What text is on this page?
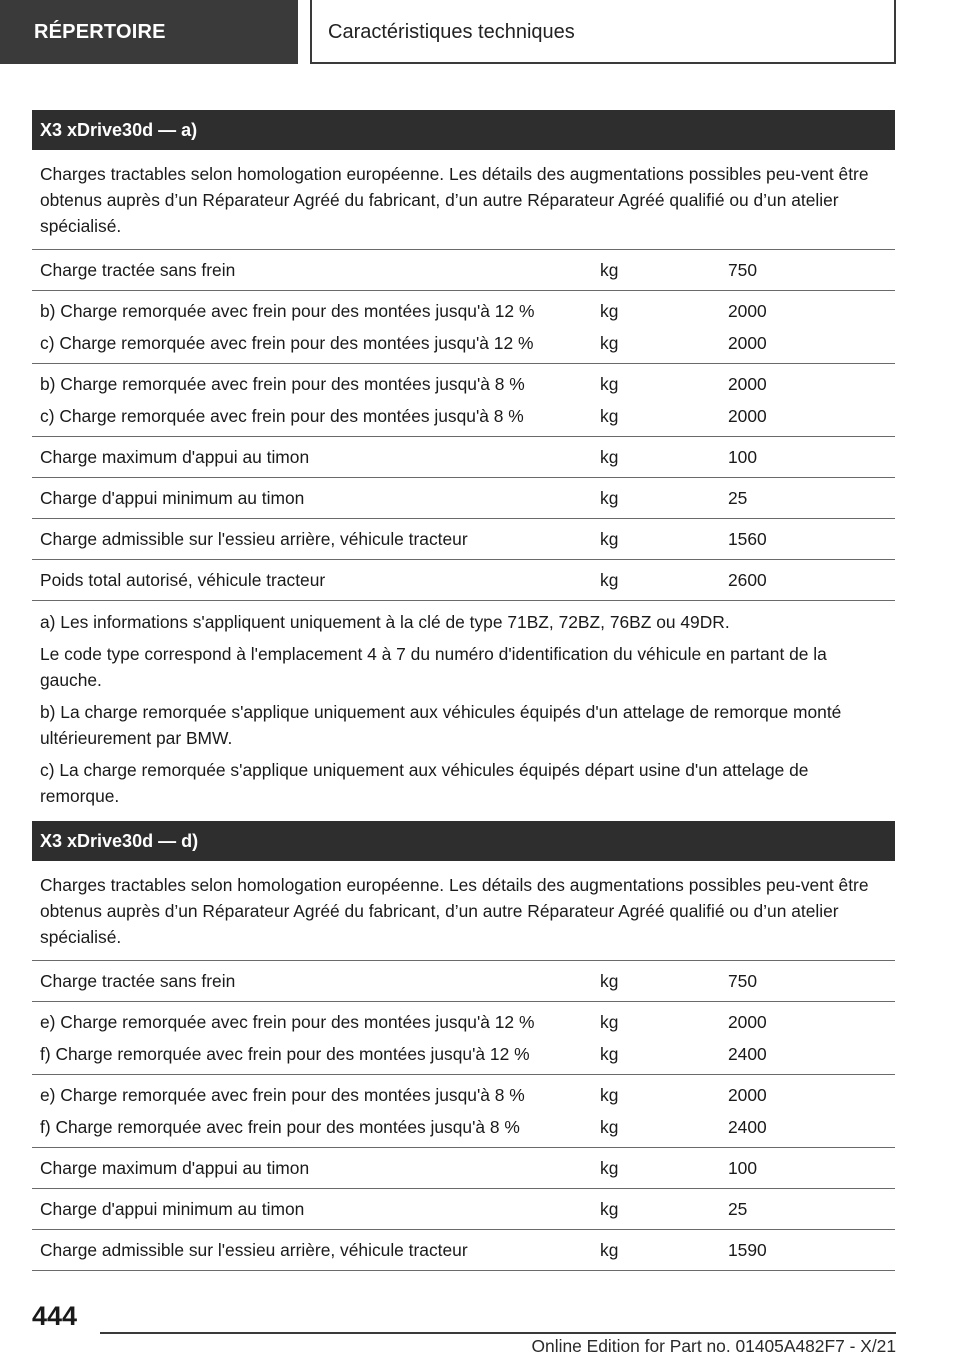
RÉPERTOIRE	Caractéristiques techniques
X3 xDrive30d — a)
Charges tractables selon homologation européenne. Les détails des augmentations possibles peu-vent être obtenus auprès d’un Réparateur Agréé du fabricant, d’un autre Réparateur Agréé qualifié ou d’un atelier spécialisé.
Charge tractée sans frein	kg	750
b) Charge remorquée avec frein pour des montées jusqu'à 12 %	kg	2000
c) Charge remorquée avec frein pour des montées jusqu'à 12 %	kg	2000
b) Charge remorquée avec frein pour des montées jusqu'à 8 %	kg	2000
c) Charge remorquée avec frein pour des montées jusqu'à 8 %	kg	2000
Charge maximum d'appui au timon	kg	100
Charge d'appui minimum au timon	kg	25
Charge admissible sur l'essieu arrière, véhicule tracteur	kg	1560
Poids total autorisé, véhicule tracteur	kg	2600

a) Les informations s'appliquent uniquement à la clé de type 71BZ, 72BZ, 76BZ ou 49DR.

Le code type correspond à l'emplacement 4 à 7 du numéro d'identification du véhicule en partant de la gauche.

b) La charge remorquée s'applique uniquement aux véhicules équipés d'un attelage de remorque monté ultérieurement par BMW.

c) La charge remorquée s'applique uniquement aux véhicules équipés départ usine d'un attelage de remorque.

X3 xDrive30d — d)
Charges tractables selon homologation européenne. Les détails des augmentations possibles peu-vent être obtenus auprès d’un Réparateur Agréé du fabricant, d’un autre Réparateur Agréé qualifié ou d’un atelier spécialisé.
Charge tractée sans frein	kg	750
e) Charge remorquée avec frein pour des montées jusqu'à 12 %	kg	2000
f) Charge remorquée avec frein pour des montées jusqu'à 12 %	kg	2400
e) Charge remorquée avec frein pour des montées jusqu'à 8 %	kg	2000
f) Charge remorquée avec frein pour des montées jusqu'à 8 %	kg	2400
Charge maximum d'appui au timon	kg	100
Charge d'appui minimum au timon	kg	25
Charge admissible sur l'essieu arrière, véhicule tracteur	kg	1590
444
Online Edition for Part no. 01405A482F7 - X/21
